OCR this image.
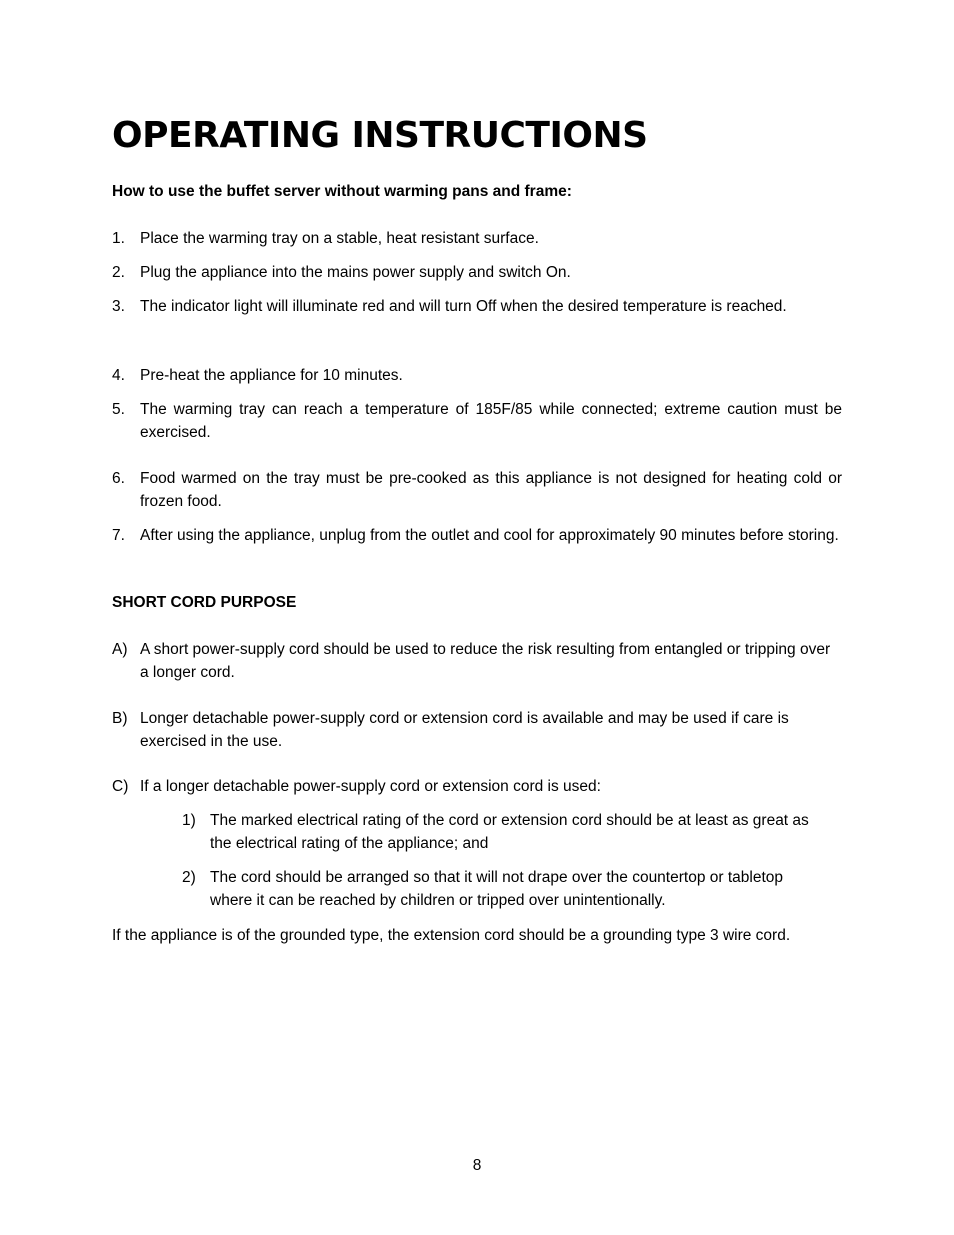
OPERATING INSTRUCTIONS

How to use the buffet server without warming pans and frame:

1. Place the warming tray on a stable, heat resistant surface.
2. Plug the appliance into the mains power supply and switch On.
3. The indicator light will illuminate red and will turn Off when the desired temperature is reached.
4. Pre-heat the appliance for 10 minutes.
5. The warming tray can reach a temperature of 185F/85 while connected; extreme caution must be exercised.
6. Food warmed on the tray must be pre-cooked as this appliance is not designed for heating cold or frozen food.
7. After using the appliance, unplug from the outlet and cool for approximately 90 minutes before storing.

SHORT CORD PURPOSE

A) A short power-supply cord should be used to reduce the risk resulting from entangled or tripping over a longer cord.
B) Longer detachable power-supply cord or extension cord is available and may be used if care is exercised in the use.
C) If a longer detachable power-supply cord or extension cord is used:
1) The marked electrical rating of the cord or extension cord should be at least as great as the electrical rating of the appliance; and
2) The cord should be arranged so that it will not drape over the countertop or tabletop where it can be reached by children or tripped over unintentionally.

If the appliance is of the grounded type, the extension cord should be a grounding type 3 wire cord.

8
